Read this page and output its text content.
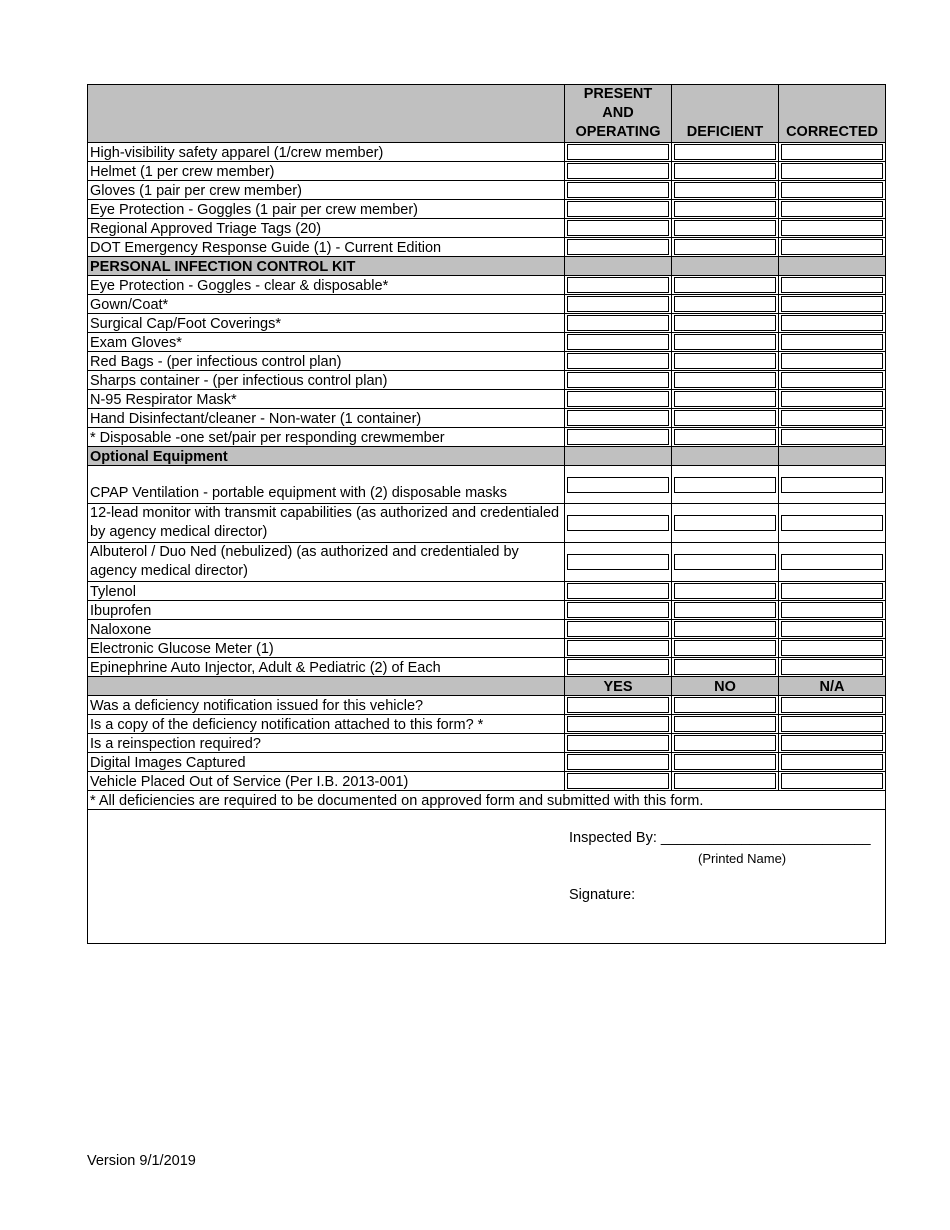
	PRESENT
AND
OPERATING	DEFICIENT	CORRECTED
High-visibility safety apparel (1/crew member)	

Helmet (1 per crew member)	

Gloves (1 pair per crew member)	

Eye Protection - Goggles (1 pair per crew member)	

Regional Approved Triage Tags (20)	

DOT Emergency Response Guide (1) - Current Edition	

PERSONAL INFECTION CONTROL KIT			
Eye Protection - Goggles - clear & disposable*	

Gown/Coat*	

Surgical Cap/Foot Coverings*	

Exam Gloves*	

Red Bags - (per infectious control plan)	

Sharps container - (per infectious control plan)	

N-95 Respirator Mask*	

Hand Disinfectant/cleaner - Non-water (1 container)	

* Disposable -one set/pair per responding crewmember	

Optional Equipment			
CPAP Ventilation - portable equipment with (2) disposable masks	

12-lead monitor with transmit capabilities (as authorized and credentialed by agency medical director)	

Albuterol / Duo Ned (nebulized) (as authorized and credentialed by agency medical director)	

Tylenol	

Ibuprofen	

Naloxone	

Electronic Glucose Meter (1)	

Epinephrine Auto Injector, Adult & Pediatric (2) of Each	

	YES	NO	N/A
Was a deficiency notification issued for this vehicle?	

Is a copy of the deficiency notification attached to this form? *	

Is a reinspection required?	

Digital Images Captured	

Vehicle Placed Out of Service (Per I.B. 2013-001)	

* All deficiencies are required to be documented on approved form and submitted with this form.			

Inspected By: __________________________
(Printed Name)
Signature:			
Version 9/1/2019
